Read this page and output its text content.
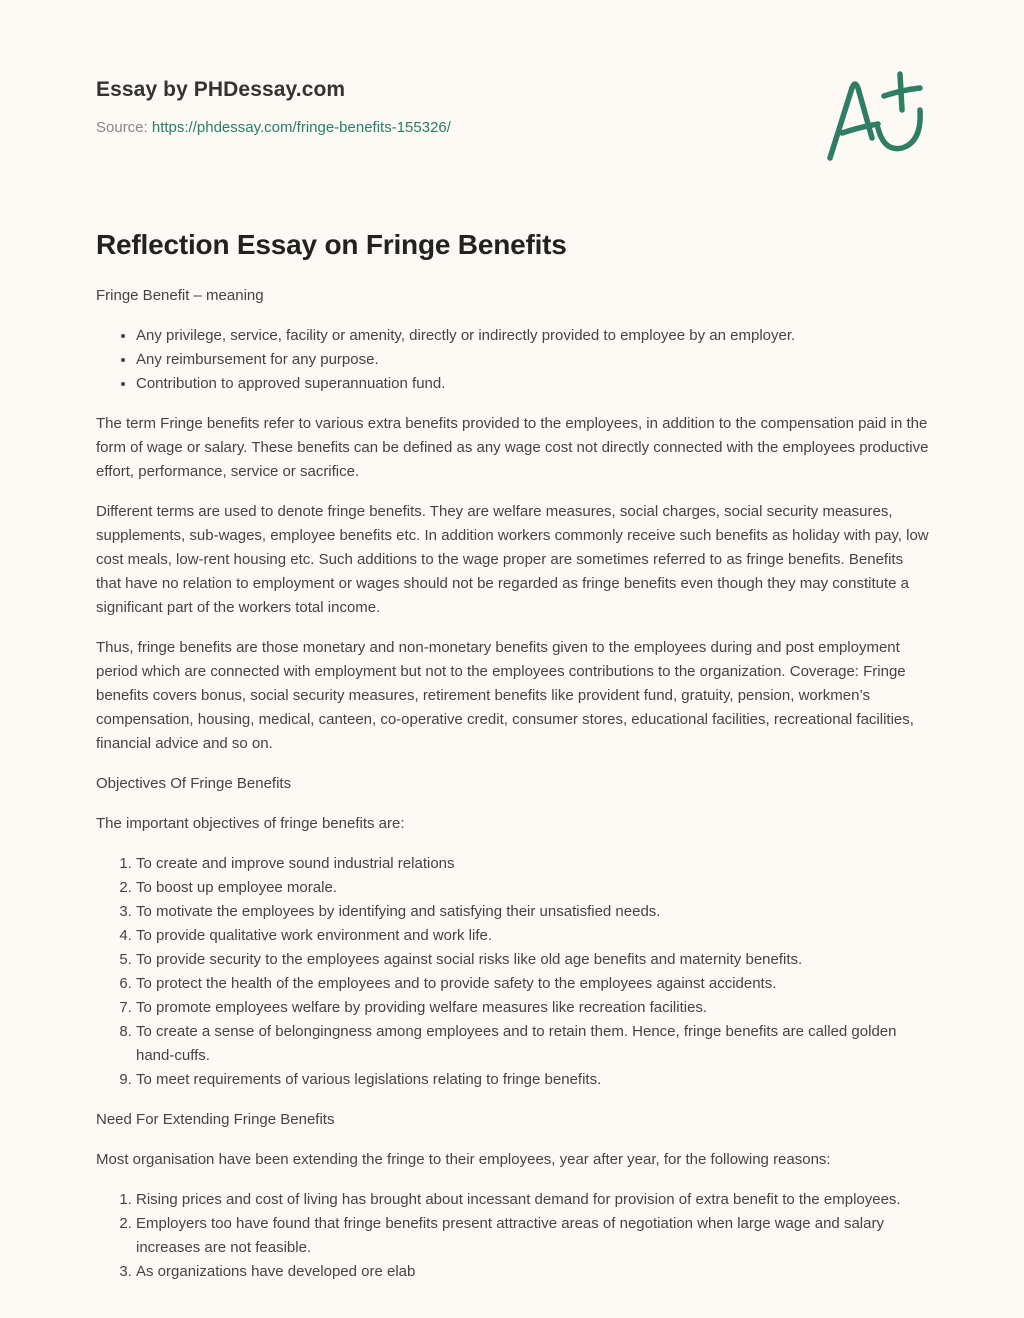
Essay by PHDessay.com
Source: https://phdessay.com/fringe-benefits-155326/
Reflection Essay on Fringe Benefits

Fringe Benefit – meaning

• Any privilege, service, facility or amenity, directly or indirectly provided to employee by an employer.
• Any reimbursement for any purpose.
• Contribution to approved superannuation fund.

The term Fringe benefits refer to various extra benefits provided to the employees, in addition to the compensation paid in the form of wage or salary. These benefits can be defined as any wage cost not directly connected with the employees productive effort, performance, service or sacrifice.

Different terms are used to denote fringe benefits. They are welfare measures, social charges, social security measures, supplements, sub-wages, employee benefits etc. In addition workers commonly receive such benefits as holiday with pay, low cost meals, low-rent housing etc. Such additions to the wage proper are sometimes referred to as fringe benefits. Benefits that have no relation to employment or wages should not be regarded as fringe benefits even though they may constitute a significant part of the workers total income.

Thus, fringe benefits are those monetary and non-monetary benefits given to the employees during and post employment period which are connected with employment but not to the employees contributions to the organization. Coverage: Fringe benefits covers bonus, social security measures, retirement benefits like provident fund, gratuity, pension, workmen’s compensation, housing, medical, canteen, co-operative credit, consumer stores, educational facilities, recreational facilities, financial advice and so on.

Objectives Of Fringe Benefits

The important objectives of fringe benefits are:

1. To create and improve sound industrial relations
2. To boost up employee morale.
3. To motivate the employees by identifying and satisfying their unsatisfied needs.
4. To provide qualitative work environment and work life.
5. To provide security to the employees against social risks like old age benefits and maternity benefits.
6. To protect the health of the employees and to provide safety to the employees against accidents.
7. To promote employees welfare by providing welfare measures like recreation facilities.
8. To create a sense of belongingness among employees and to retain them. Hence, fringe benefits are called golden hand-cuffs.
9. To meet requirements of various legislations relating to fringe benefits.

Need For Extending Fringe Benefits

Most organisation have been extending the fringe to their employees, year after year, for the following reasons:

1. Rising prices and cost of living has brought about incessant demand for provision of extra benefit to the employees.
2. Employers too have found that fringe benefits present attractive areas of negotiation when large wage and salary increases are not feasible.
3. As organizations have developed ore elab
